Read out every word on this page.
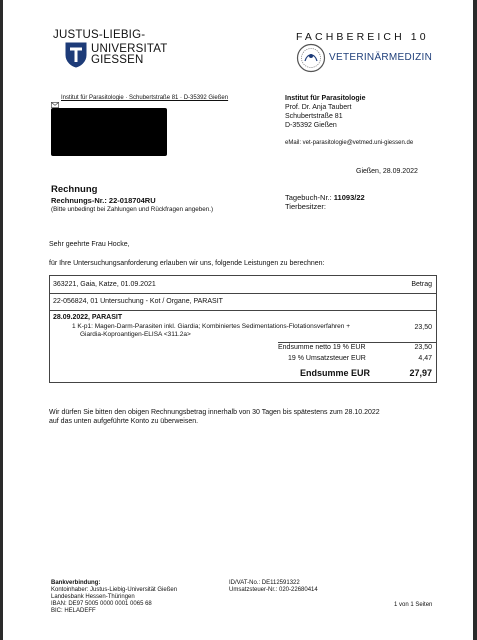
JUSTUS-LIEBIG-
UNIVERSITAT
GIESSEN
FACHBEREICH 10
VETERINÄRMEDIZIN
Institut für Parasitologie · Schubertstraße 81 · D-35392 Gießen	Institut für Parasitologie
Prof. Dr. Anja Taubert
Schubertstraße 81
D-35392 Gießen
eMail: vet-parasitologie@vetmed.uni-giessen.de
Gießen, 28.09.2022
Rechnung
Rechnungs-Nr.: 22-018704RU
(Bitte unbedingt bei Zahlungen und Rückfragen angeben.)
Tagebuch-Nr.: 11093/22
Tierbesitzer:
Sehr geehrte Frau Hocke,
für Ihre Untersuchungsanforderung erlauben wir uns, folgende Leistungen zu berechnen:
363221, Gaia, Katze, 01.09.2021	Betrag
22-056824, 01 Untersuchung - Kot / Organe, PARASIT
28.09.2022, PARASIT
1 K-p1: Magen-Darm-Parasiten inkl. Giardia; Kombiniertes Sedimentations-Flotationsverfahren +
Giardia-Koproantigen-ELISA <311.2a>
23,50
Endsumme netto 19 % EUR	23,50
19 % Umsatzsteuer EUR	4,47
Endsumme EUR	27,97
Wir dürfen Sie bitten den obigen Rechnungsbetrag innerhalb von 30 Tagen bis spätestens zum 28.10.2022
auf das unten aufgeführte Konto zu überweisen.
Bankverbindung:
Kontoinhaber: Justus-Liebig-Universität Gießen
Landesbank Hessen-Thüringen
IBAN: DE97 5005 0000 0001 0065 68
BIC: HELADEFF
ID/VAT-No.: DE112591322
Umsatzsteuer-Nr.: 020-22680414
1 von 1 Seiten
